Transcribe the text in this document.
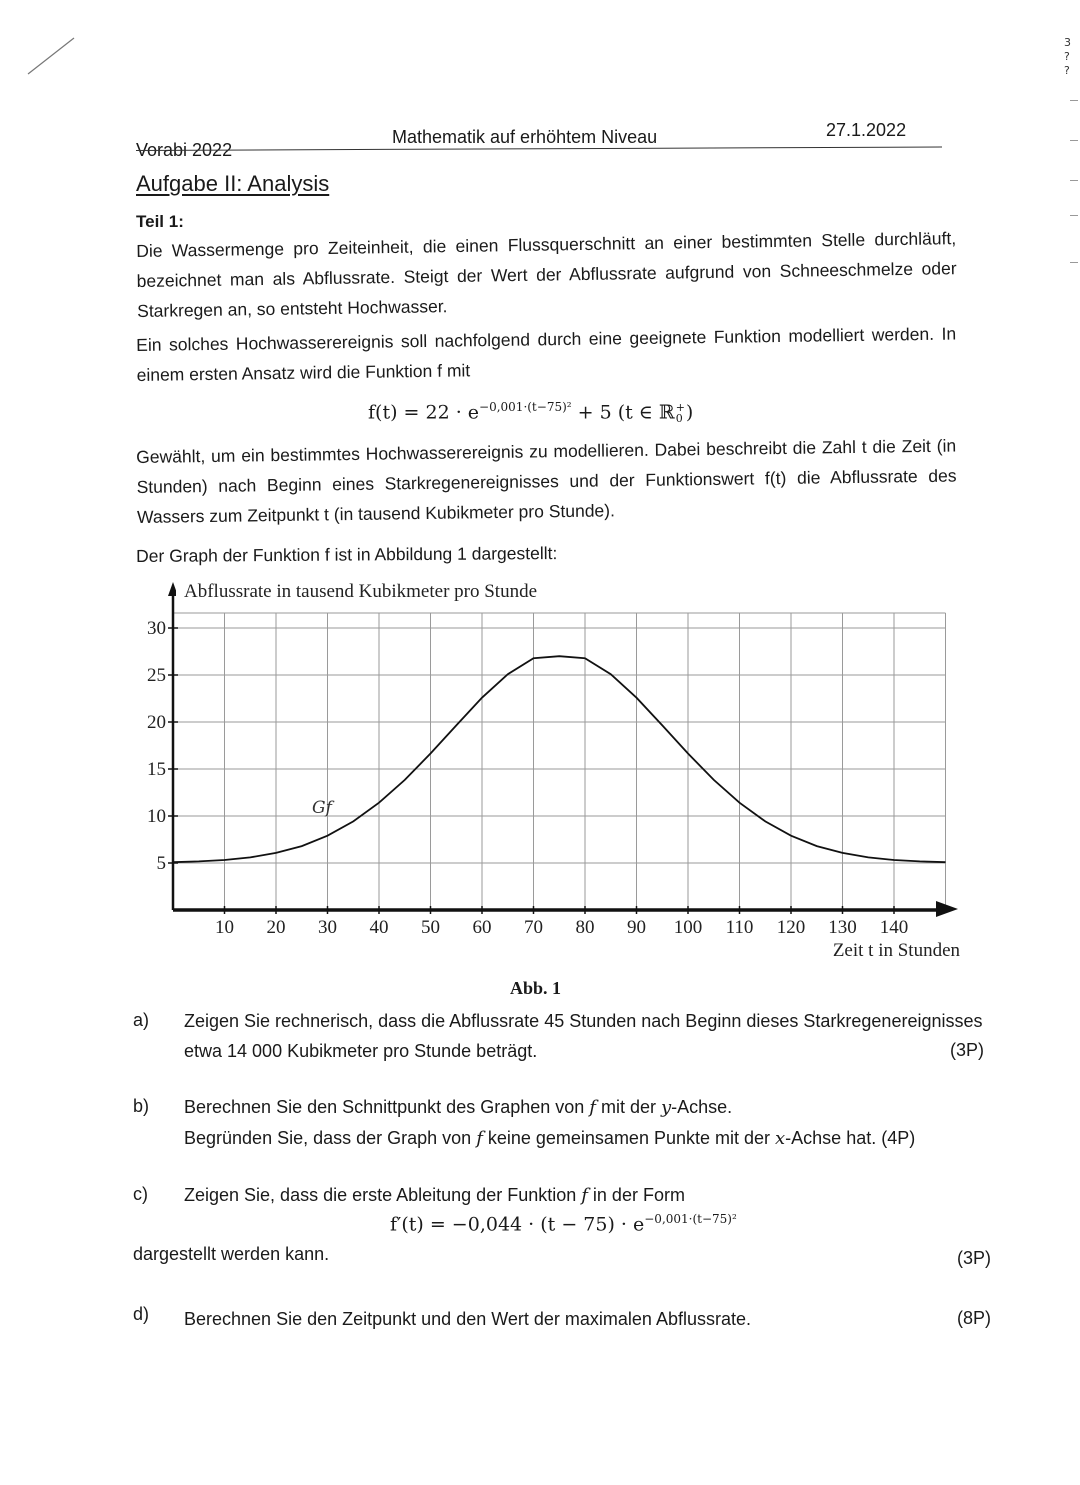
3
?
?
Vorabi 2022
Mathematik auf erhöhtem Niveau	27.1.2022
Aufgabe II: Analysis
Teil 1:
Die Wassermenge pro Zeiteinheit, die einen Flussquerschnitt an einer bestimmten Stelle durchläuft, bezeichnet man als Abflussrate. Steigt der Wert der Abflussrate aufgrund von Schneeschmelze oder Starkregen an, so entsteht Hochwasser.
Ein solches Hochwasserereignis soll nachfolgend durch eine geeignete Funktion modelliert werden. In einem ersten Ansatz wird die Funktion f mit
$f(t) = 22 \cdot e^{-0,001\cdot(t-75)^2} + 5$ (t ∈ ℝ +
0 )
Gewählt, um ein bestimmtes Hochwasserereignis zu modellieren. Dabei beschreibt die Zahl t die Zeit (in Stunden) nach Beginn eines Starkregenereignisses und der Funktionswert f(t) die Abflussrate des Wassers zum Zeitpunkt t (in tausend Kubikmeter pro Stunde).
Der Graph der Funktion f ist in Abbildung 1 dargestellt:
10 20 30 40 50 60 70 80 90 100 110 120 130 140
5
10
15
20
25
30
Abflussrate in tausend Kubikmeter pro Stunde
Zeit t in Stunden
Gf
Abb. 1
a) Zeigen Sie rechnerisch, dass die Abflussrate 45 Stunden nach Beginn dieses Starkregenereignisses etwa 14 000 Kubikmeter pro Stunde beträgt.	(3P)
b) Berechnen Sie den Schnittpunkt des Graphen von f mit der y-Achse.
Begründen Sie, dass der Graph von f keine gemeinsamen Punkte mit der x-Achse hat. (4P)
c) Zeigen Sie, dass die erste Ableitung der Funktion f in der Form
$f'(t) = -0,044 \cdot (t - 75) \cdot e^{-0,001\cdot(t-75)^2}$
dargestellt werden kann.	(3P)
d) Berechnen Sie den Zeitpunkt und den Wert der maximalen Abflussrate.	(8P)
